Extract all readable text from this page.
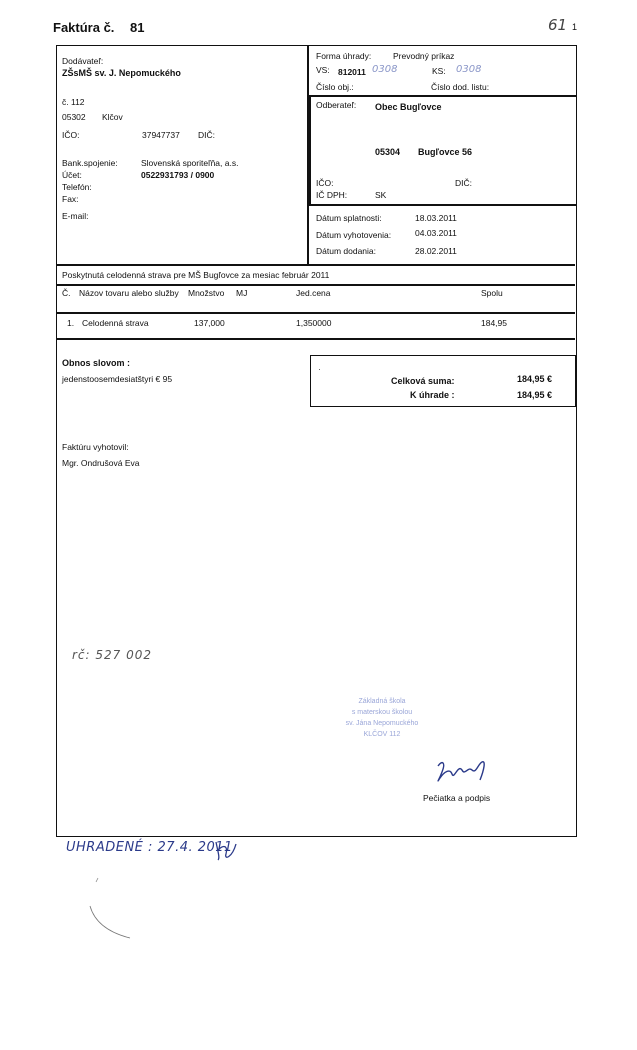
Faktúra č. 81	61 1
Dodávateľ:
ZŠsMŠ sv. J. Nepomuckého
č. 112
05302 Klčov
IČO:	37947737 DIČ:
Bank.spojenie:	Slovenská sporiteľňa, a.s.
Účet:	0522931793 / 0900
Telefón:
Fax:
E-mail:
Forma úhrady:	Prevodný príkaz
VS: 812011 0308	KS: 0308
Číslo obj.:	Číslo dod. listu:
Odberateľ: Obec Bugľovce
05304 Bugľovce 56
IČO:	DIČ:
IČ DPH:	SK
Dátum splatnosti:	18.03.2011
Dátum vyhotovenia:	04.03.2011
Dátum dodania:	28.02.2011
Poskytnutá celodenná strava pre MŠ Bugľovce za mesiac február 2011
Č. Názov tovaru alebo služby Množstvo MJ	Jed.cena	Spolu
1. Celodenná strava	137,000	1,350000	184,95
Obnos slovom :
jedenstoosemdesiatštyri € 95
·
Celková suma:	184,95 €
K úhrade :	184,95 €
Faktúru vyhotovil:
Mgr. Ondrušová Eva
rč: 527 002
Základná škola
s materskou školou
sv. Jána Nepomuckého
KLČOV 112
Pečiatka a podpis
UHRADENÉ : 27.4. 2011
